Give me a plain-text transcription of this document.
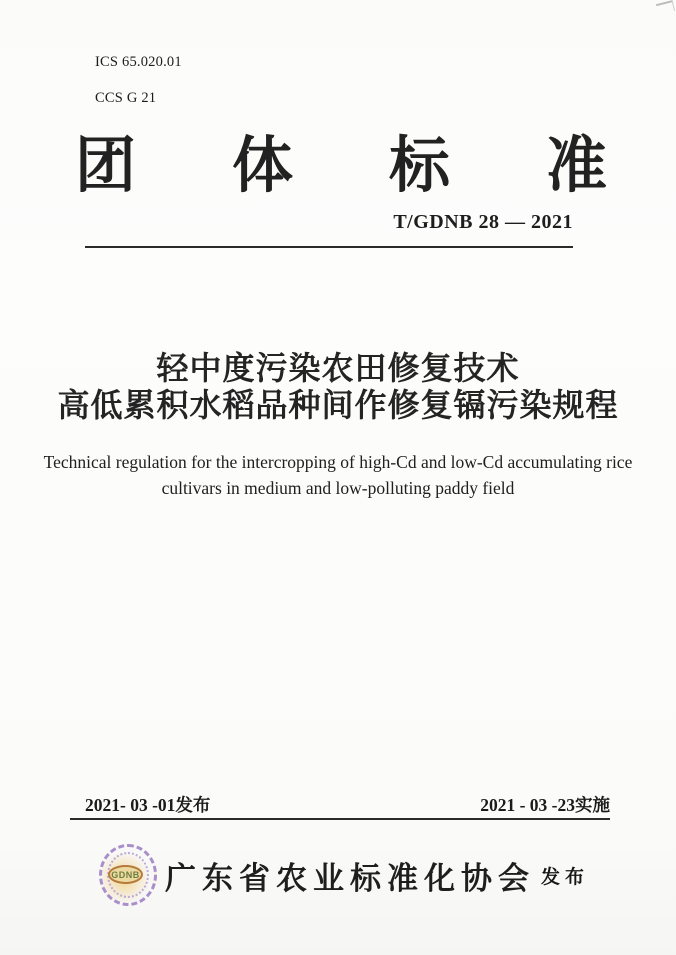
ICS 65.020.01
CCS G 21
团 体 标 准
T/GDNB 28 — 2021
轻中度污染农田修复技术
高低累积水稻品种间作修复镉污染规程
Technical regulation for the intercropping of high-Cd and low-Cd accumulating rice
cultivars in medium and low-polluting paddy field
2021- 03 -01发布	2021 - 03 -23实施
GDNB 广东省农业标准化协会 发布
